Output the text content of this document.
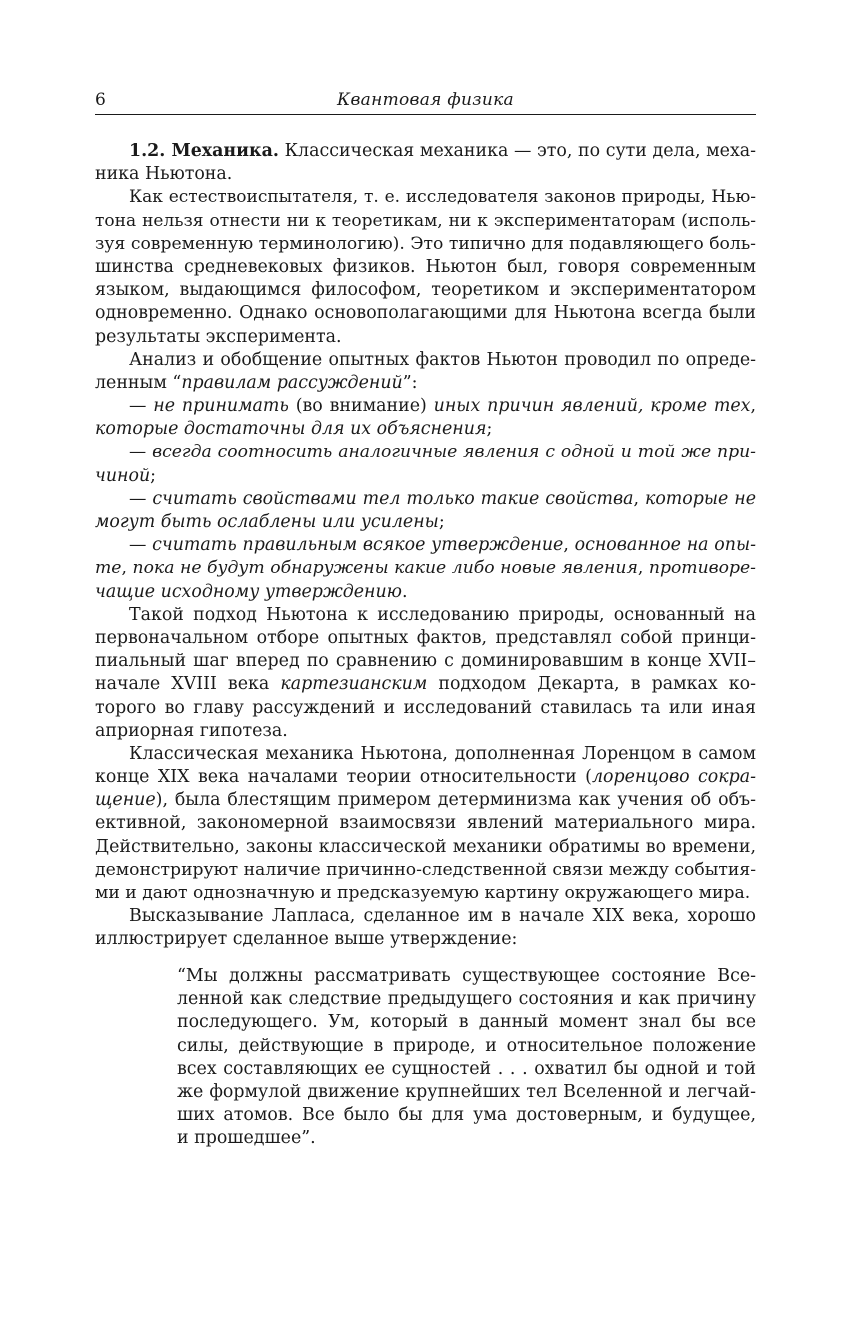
6	Квантовая физика
1.2. Механика. Классическая механика — это, по сути дела, меха-
ника Ньютона.
Как естествоиспытателя, т. е. исследователя законов природы, Нью-
тона нельзя отнести ни к теоретикам, ни к экспериментаторам (исполь-
зуя современную терминологию). Это типично для подавляющего боль-
шинства средневековых физиков. Ньютон был, говоря современным
языком, выдающимся философом, теоретиком и экспериментатором
одновременно. Однако основополагающими для Ньютона всегда были
результаты эксперимента.
Анализ и обобщение опытных фактов Ньютон проводил по опреде-
ленным “правилам рассуждений”:
— не принимать (во внимание) иных причин явлений, кроме тех,
которые достаточны для их объяснения;
— всегда соотносить аналогичные явления с одной и той же при-
чиной;
— считать свойствами тел только такие свойства, которые не
могут быть ослаблены или усилены;
— считать правильным всякое утверждение, основанное на опы-
те, пока не будут обнаружены какие либо новые явления, противоре-
чащие исходному утверждению.
Такой подход Ньютона к исследованию природы, основанный на
первоначальном отборе опытных фактов, представлял собой принци-
пиальный шаг вперед по сравнению с доминировавшим в конце XVII–
начале XVIII века картезианским подходом Декарта, в рамках ко-
торого во главу рассуждений и исследований ставилась та или иная
априорная гипотеза.
Классическая механика Ньютона, дополненная Лоренцом в самом
конце XIX века началами теории относительности (лоренцово сокра-
щение), была блестящим примером детерминизма как учения об объ-
ективной, закономерной взаимосвязи явлений материального мира.
Действительно, законы классической механики обратимы во времени,
демонстрируют наличие причинно-следственной связи между события-
ми и дают однозначную и предсказуемую картину окружающего мира.
Высказывание Лапласа, сделанное им в начале XIX века, хорошо
иллюстрирует сделанное выше утверждение:
“Мы должны рассматривать существующее состояние Все-
ленной как следствие предыдущего состояния и как причину
последующего. Ум, который в данный момент знал бы все
силы, действующие в природе, и относительное положение
всех составляющих ее сущностей . . . охватил бы одной и той
же формулой движение крупнейших тел Вселенной и легчай-
ших атомов. Все было бы для ума достоверным, и будущее,
и прошедшее”.
